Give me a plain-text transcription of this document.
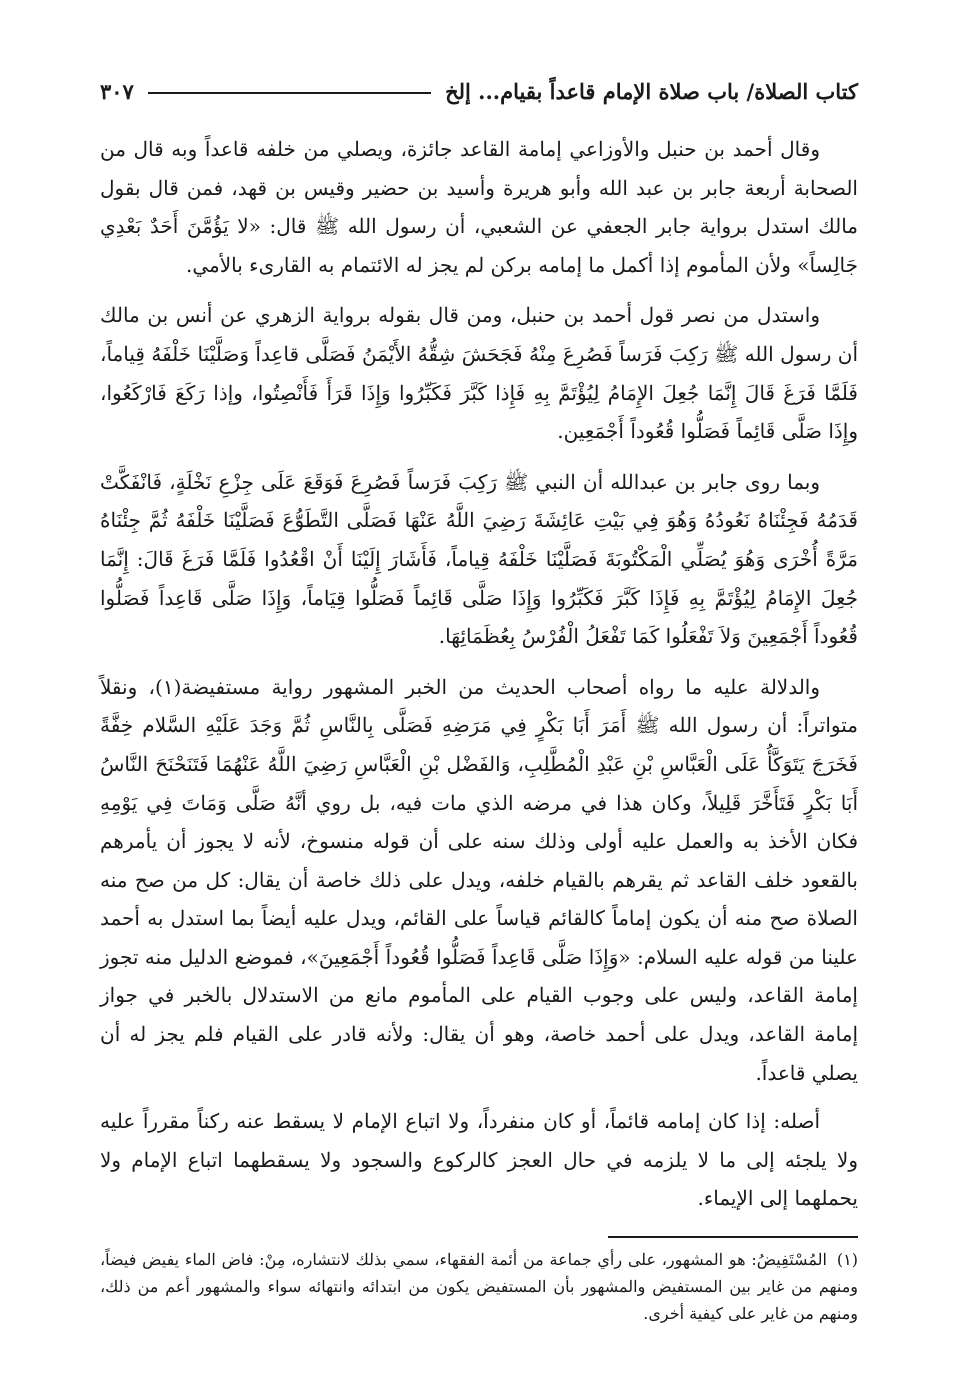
كتاب الصلاة/ باب صلاة الإمام قاعداً بقيام... إلخ
٣٠٧

وقال أحمد بن حنبل والأوزاعي إمامة القاعد جائزة، ويصلي من خلفه قاعداً وبه قال من الصحابة أربعة جابر بن عبد الله وأبو هريرة وأسيد بن حضير وقيس بن قهد، فمن قال بقول مالك استدل برواية جابر الجعفي عن الشعبي، أن رسول الله ﷺ قال: «لا يَؤُمَّنَ أَحَدٌ بَعْدِي جَالِساً» ولأن المأموم إذا أكمل ما إمامه بركن لم يجز له الائتمام به القارىء بالأمي.

واستدل من نصر قول أحمد بن حنبل، ومن قال بقوله برواية الزهري عن أنس بن مالك أن رسول الله ﷺ رَكِبَ فَرَساً فَصُرِعَ مِنْهُ فَجَحَشَ شِقُّهُ الأَيْمَنُ فَصَلَّى قاعِداً وَصَلَّيْنَا خَلْفَهُ قِياماً، فَلَمَّا فَرَغَ قَالَ إِنَّمَا جُعِلَ الإِمَامُ لِيُؤْتَمَّ بِهِ فَإِذا كَبَّرَ فَكَبِّرُوا وَإِذَا قَرَأَ فَأَنْصِتُوا، وإذا رَكَعَ فَارْكَعُوا، وإِذَا صَلَّى قَائِماً فَصَلُّوا قُعُوداً أَجْمَعِين.

وبما روى جابر بن عبدالله أن النبي ﷺ رَكِبَ فَرَساً فَصُرِعَ فَوَقَعَ عَلَى جِزْعِ نَخْلَةٍ، فَانْفَكَّتْ قَدَمُهُ فَجِئْنَاهُ نَعُودُهُ وَهُوَ فِي بَيْتِ عَائِشَةَ رَضِيَ اللَّهُ عَنْهَا فَصَلَّى التَّطَوُّعَ فَصَلَّيْنَا خَلْفَهُ ثُمَّ جِئْنَاهُ مَرَّةً أُخْرَى وَهُوَ يُصَلِّي الْمَكْتُوبَةَ فَصَلَّيْنَا خَلْفَهُ قِياماً، فَأَشَارَ إِلَيْنَا أَنْ اقْعُدُوا فَلَمَّا فَرَغَ قَالَ: إِنَّمَا جُعِلَ الإِمَامُ لِيُؤْتَمَّ بِهِ فَإِذَا كَبَّرَ فَكَبِّرُوا وَإِذَا صَلَّى قَائِماً فَصَلُّوا قِيَاماً، وَإِذَا صَلَّى قَاعِداً فَصَلُّوا قُعُوداً أَجْمَعِينَ وَلاَ تَفْعَلُوا كَمَا تَفْعَلُ الْفُرْسُ بِعُظَمَائِهَا.

والدلالة عليه ما رواه أصحاب الحديث من الخبر المشهور رواية مستفيضة(١)، ونقلاً متواتراً: أن رسول الله ﷺ أَمَرَ أَبَا بَكْرٍ فِي مَرَضِهِ فَصَلَّى بِالنَّاسِ ثُمَّ وَجَدَ عَلَيْهِ السَّلام خِفَّةً فَخَرَجَ يَتَوَكَّأُ عَلَى الْعَبَّاسِ بْنِ عَبْدِ الْمُطَّلِبِ، وَالفَضْل بْنِ الْعَبَّاسِ رَضِيَ اللَّهُ عَنْهُمَا فَتَنَحْنَحَ النَّاسُ أَبَا بَكْرٍ فَتَأَخَّرَ قَلِيلاً، وكان هذا في مرضه الذي مات فيه، بل روي أنَّهُ صَلَّى وَمَاتَ فِي يَوْمِهِ فكان الأخذ به والعمل عليه أولى وذلك سنه على أن قوله منسوخ، لأنه لا يجوز أن يأمرهم بالقعود خلف القاعد ثم يقرهم بالقيام خلفه، ويدل على ذلك خاصة أن يقال: كل من صح منه الصلاة صح منه أن يكون إماماً كالقائم قياساً على القائم، ويدل عليه أيضاً بما استدل به أحمد علينا من قوله عليه السلام: «وَإِذَا صَلَّى قَاعِداً فَصَلُّوا قُعُوداً أَجْمَعِينَ»، فموضع الدليل منه تجوز إمامة القاعد، وليس على وجوب القيام على المأموم مانع من الاستدلال بالخبر في جواز إمامة القاعد، ويدل على أحمد خاصة، وهو أن يقال: ولأنه قادر على القيام فلم يجز له أن يصلي قاعداً.

أصله: إذا كان إمامه قائماً، أو كان منفرداً، ولا اتباع الإمام لا يسقط عنه ركناً مقرراً عليه ولا يلجئه إلى ما لا يلزمه في حال العجز كالركوع والسجود ولا يسقطهما اتباع الإمام ولا يحملهما إلى الإيماء.

(١)المُسْتَفِيضُ: هو المشهور، على رأي جماعة من أئمة الفقهاء، سمي بذلك لانتشاره، مِنْ: فاض الماء يفيض فيضاً، ومنهم من غاير بين المستفيض والمشهور بأن المستفيض يكون من ابتدائه وانتهائه سواء والمشهور أعم من ذلك، ومنهم من غاير على كيفية أخرى.
